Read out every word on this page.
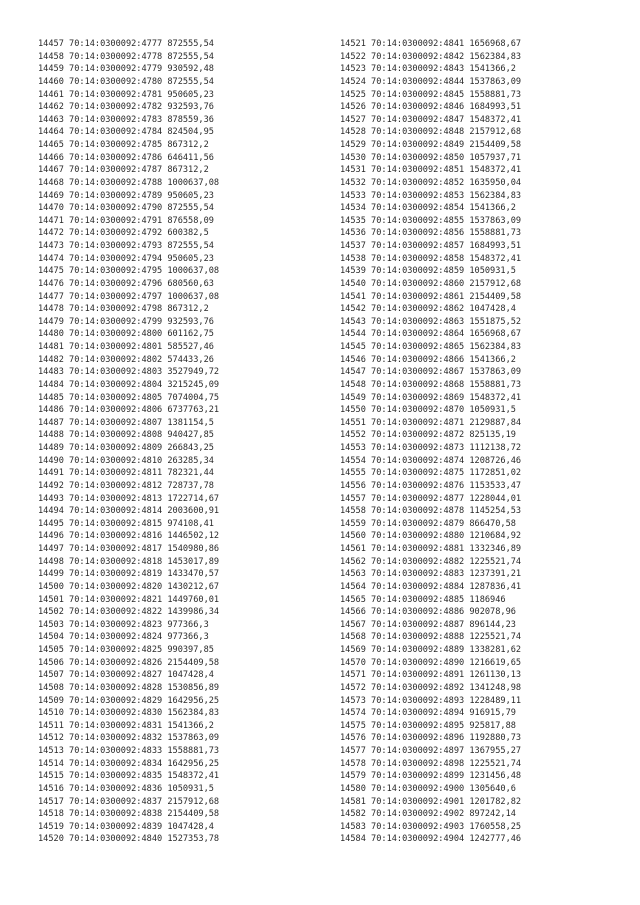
14457 70:14:0300092:4777 872555,54
14458 70:14:0300092:4778 872555,54
14459 70:14:0300092:4779 930592,48
14460 70:14:0300092:4780 872555,54
14461 70:14:0300092:4781 950605,23
14462 70:14:0300092:4782 932593,76
14463 70:14:0300092:4783 878559,36
14464 70:14:0300092:4784 824504,95
14465 70:14:0300092:4785 867312,2
14466 70:14:0300092:4786 646411,56
14467 70:14:0300092:4787 867312,2
14468 70:14:0300092:4788 1000637,08
14469 70:14:0300092:4789 950605,23
14470 70:14:0300092:4790 872555,54
14471 70:14:0300092:4791 876558,09
14472 70:14:0300092:4792 600382,5
14473 70:14:0300092:4793 872555,54
14474 70:14:0300092:4794 950605,23
14475 70:14:0300092:4795 1000637,08
14476 70:14:0300092:4796 680560,63
14477 70:14:0300092:4797 1000637,08
14478 70:14:0300092:4798 867312,2
14479 70:14:0300092:4799 932593,76
14480 70:14:0300092:4800 601162,75
14481 70:14:0300092:4801 585527,46
14482 70:14:0300092:4802 574433,26
14483 70:14:0300092:4803 3527949,72
14484 70:14:0300092:4804 3215245,09
14485 70:14:0300092:4805 7074004,75
14486 70:14:0300092:4806 6737763,21
14487 70:14:0300092:4807 1381154,5
14488 70:14:0300092:4808 940427,85
14489 70:14:0300092:4809 266843,25
14490 70:14:0300092:4810 263285,34
14491 70:14:0300092:4811 782321,44
14492 70:14:0300092:4812 728737,78
14493 70:14:0300092:4813 1722714,67
14494 70:14:0300092:4814 2003600,91
14495 70:14:0300092:4815 974108,41
14496 70:14:0300092:4816 1446502,12
14497 70:14:0300092:4817 1540980,86
14498 70:14:0300092:4818 1453017,89
14499 70:14:0300092:4819 1433470,57
14500 70:14:0300092:4820 1430212,67
14501 70:14:0300092:4821 1449760,01
14502 70:14:0300092:4822 1439986,34
14503 70:14:0300092:4823 977366,3
14504 70:14:0300092:4824 977366,3
14505 70:14:0300092:4825 990397,85
14506 70:14:0300092:4826 2154409,58
14507 70:14:0300092:4827 1047428,4
14508 70:14:0300092:4828 1530856,89
14509 70:14:0300092:4829 1642956,25
14510 70:14:0300092:4830 1562384,83
14511 70:14:0300092:4831 1541366,2
14512 70:14:0300092:4832 1537863,09
14513 70:14:0300092:4833 1558881,73
14514 70:14:0300092:4834 1642956,25
14515 70:14:0300092:4835 1548372,41
14516 70:14:0300092:4836 1050931,5
14517 70:14:0300092:4837 2157912,68
14518 70:14:0300092:4838 2154409,58
14519 70:14:0300092:4839 1047428,4
14520 70:14:0300092:4840 1527353,78
14521 70:14:0300092:4841 1656968,67
14522 70:14:0300092:4842 1562384,83
14523 70:14:0300092:4843 1541366,2
14524 70:14:0300092:4844 1537863,09
14525 70:14:0300092:4845 1558881,73
14526 70:14:0300092:4846 1684993,51
14527 70:14:0300092:4847 1548372,41
14528 70:14:0300092:4848 2157912,68
14529 70:14:0300092:4849 2154409,58
14530 70:14:0300092:4850 1057937,71
14531 70:14:0300092:4851 1548372,41
14532 70:14:0300092:4852 1635950,04
14533 70:14:0300092:4853 1562384,83
14534 70:14:0300092:4854 1541366,2
14535 70:14:0300092:4855 1537863,09
14536 70:14:0300092:4856 1558881,73
14537 70:14:0300092:4857 1684993,51
14538 70:14:0300092:4858 1548372,41
14539 70:14:0300092:4859 1050931,5
14540 70:14:0300092:4860 2157912,68
14541 70:14:0300092:4861 2154409,58
14542 70:14:0300092:4862 1047428,4
14543 70:14:0300092:4863 1551875,52
14544 70:14:0300092:4864 1656968,67
14545 70:14:0300092:4865 1562384,83
14546 70:14:0300092:4866 1541366,2
14547 70:14:0300092:4867 1537863,09
14548 70:14:0300092:4868 1558881,73
14549 70:14:0300092:4869 1548372,41
14550 70:14:0300092:4870 1050931,5
14551 70:14:0300092:4871 2129887,84
14552 70:14:0300092:4872 825135,19
14553 70:14:0300092:4873 1112138,72
14554 70:14:0300092:4874 1208726,46
14555 70:14:0300092:4875 1172851,02
14556 70:14:0300092:4876 1153533,47
14557 70:14:0300092:4877 1228044,01
14558 70:14:0300092:4878 1145254,53
14559 70:14:0300092:4879 866470,58
14560 70:14:0300092:4880 1210684,92
14561 70:14:0300092:4881 1332346,89
14562 70:14:0300092:4882 1225521,74
14563 70:14:0300092:4883 1237391,21
14564 70:14:0300092:4884 1287836,41
14565 70:14:0300092:4885 1186946
14566 70:14:0300092:4886 902078,96
14567 70:14:0300092:4887 896144,23
14568 70:14:0300092:4888 1225521,74
14569 70:14:0300092:4889 1338281,62
14570 70:14:0300092:4890 1216619,65
14571 70:14:0300092:4891 1261130,13
14572 70:14:0300092:4892 1341248,98
14573 70:14:0300092:4893 1228489,11
14574 70:14:0300092:4894 916915,79
14575 70:14:0300092:4895 925817,88
14576 70:14:0300092:4896 1192880,73
14577 70:14:0300092:4897 1367955,27
14578 70:14:0300092:4898 1225521,74
14579 70:14:0300092:4899 1231456,48
14580 70:14:0300092:4900 1305640,6
14581 70:14:0300092:4901 1201782,82
14582 70:14:0300092:4902 897242,14
14583 70:14:0300092:4903 1760558,25
14584 70:14:0300092:4904 1242777,46
